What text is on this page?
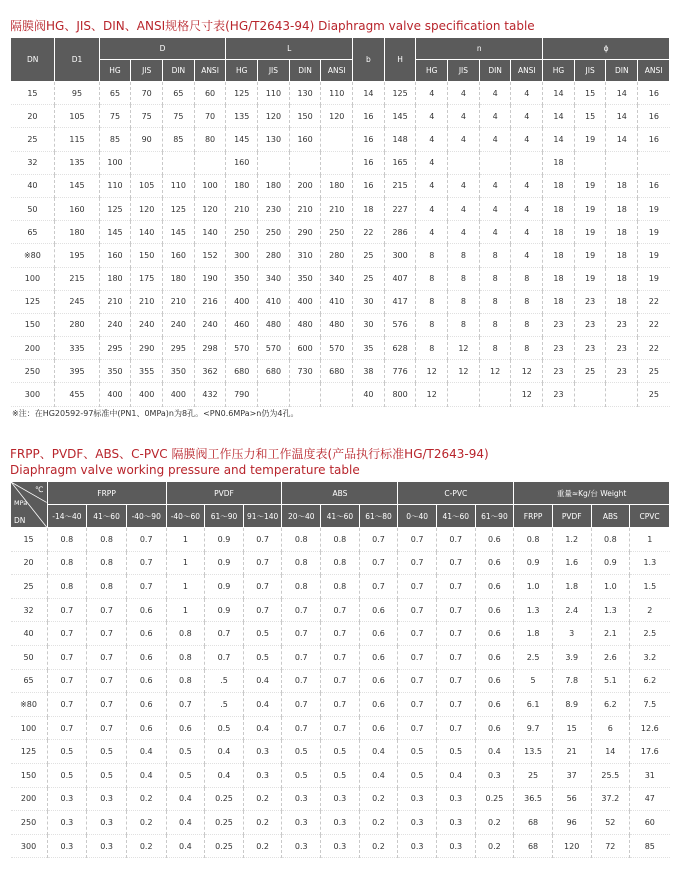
隔膜阀HG、JIS、DIN、ANSI规格尺寸表(HG/T2643-94) Diaphragm valve specification table
DN	D1	D				L				b	H	n				ϕ			
		HG	JIS	DIN	ANSI	HG	JIS	DIN	ANSI			HG	JIS	DIN	ANSI	HG	JIS	DIN	ANSI
15	95	65	70	65	60	125	110	130	110	14	125	4	4	4	4	14	15	14	16
20	105	75	75	75	70	135	120	150	120	16	145	4	4	4	4	14	15	14	16
25	115	85	90	85	80	145	130	160		16	148	4	4	4	4	14	19	14	16
32	135	100				160				16	165	4				18			
40	145	110	105	110	100	180	180	200	180	16	215	4	4	4	4	18	19	18	16
50	160	125	120	125	120	210	230	210	210	18	227	4	4	4	4	18	19	18	19
65	180	145	140	145	140	250	250	290	250	22	286	4	4	4	4	18	19	18	19
※80	195	160	150	160	152	300	280	310	280	25	300	8	8	8	4	18	19	18	19
100	215	180	175	180	190	350	340	350	340	25	407	8	8	8	8	18	19	18	19
125	245	210	210	210	216	400	410	400	410	30	417	8	8	8	8	18	23	18	22
150	280	240	240	240	240	460	480	480	480	30	576	8	8	8	8	23	23	23	22
200	335	295	290	295	298	570	570	600	570	35	628	8	12	8	8	23	23	23	22
250	395	350	355	350	362	680	680	730	680	38	776	12	12	12	12	23	25	23	25
300	455	400	400	400	432	790				40	800	12			12	23			25
※注：在HG20592-97标准中(PN1、0MPa)n为8孔。<PN0.6MPa>n仍为4孔。
FRPP、PVDF、ABS、C-PVC 隔膜阀工作压力和工作温度表(产品执行标准HG/T2643-94)
Diaphragm valve working pressure and temperature table
℃
MPa
DN	FRPP			PVDF			ABS			C-PVC			重量≈Kg/台 Weight			
	-14～40	41～60	-40～90	-40～60	61～90	91～140	20～40	41～60	61～80	0～40	41～60	61～90	FRPP	PVDF	ABS	CPVC
15	0.8	0.8	0.7	1	0.9	0.7	0.8	0.8	0.7	0.7	0.7	0.6	0.8	1.2	0.8	1
20	0.8	0.8	0.7	1	0.9	0.7	0.8	0.8	0.7	0.7	0.7	0.6	0.9	1.6	0.9	1.3
25	0.8	0.8	0.7	1	0.9	0.7	0.8	0.8	0.7	0.7	0.7	0.6	1.0	1.8	1.0	1.5
32	0.7	0.7	0.6	1	0.9	0.7	0.7	0.7	0.6	0.7	0.7	0.6	1.3	2.4	1.3	2
40	0.7	0.7	0.6	0.8	0.7	0.5	0.7	0.7	0.6	0.7	0.7	0.6	1.8	3	2.1	2.5
50	0.7	0.7	0.6	0.8	0.7	0.5	0.7	0.7	0.6	0.7	0.7	0.6	2.5	3.9	2.6	3.2
65	0.7	0.7	0.6	0.8	.5	0.4	0.7	0.7	0.6	0.7	0.7	0.6	5	7.8	5.1	6.2
※80	0.7	0.7	0.6	0.7	.5	0.4	0.7	0.7	0.6	0.7	0.7	0.6	6.1	8.9	6.2	7.5
100	0.7	0.7	0.6	0.6	0.5	0.4	0.7	0.7	0.6	0.7	0.7	0.6	9.7	15	6	12.6
125	0.5	0.5	0.4	0.5	0.4	0.3	0.5	0.5	0.4	0.5	0.5	0.4	13.5	21	14	17.6
150	0.5	0.5	0.4	0.5	0.4	0.3	0.5	0.5	0.4	0.5	0.4	0.3	25	37	25.5	31
200	0.3	0.3	0.2	0.4	0.25	0.2	0.3	0.3	0.2	0.3	0.3	0.25	36.5	56	37.2	47
250	0.3	0.3	0.2	0.4	0.25	0.2	0.3	0.3	0.2	0.3	0.3	0.2	68	96	52	60
300	0.3	0.3	0.2	0.4	0.25	0.2	0.3	0.3	0.2	0.3	0.3	0.2	68	120	72	85
